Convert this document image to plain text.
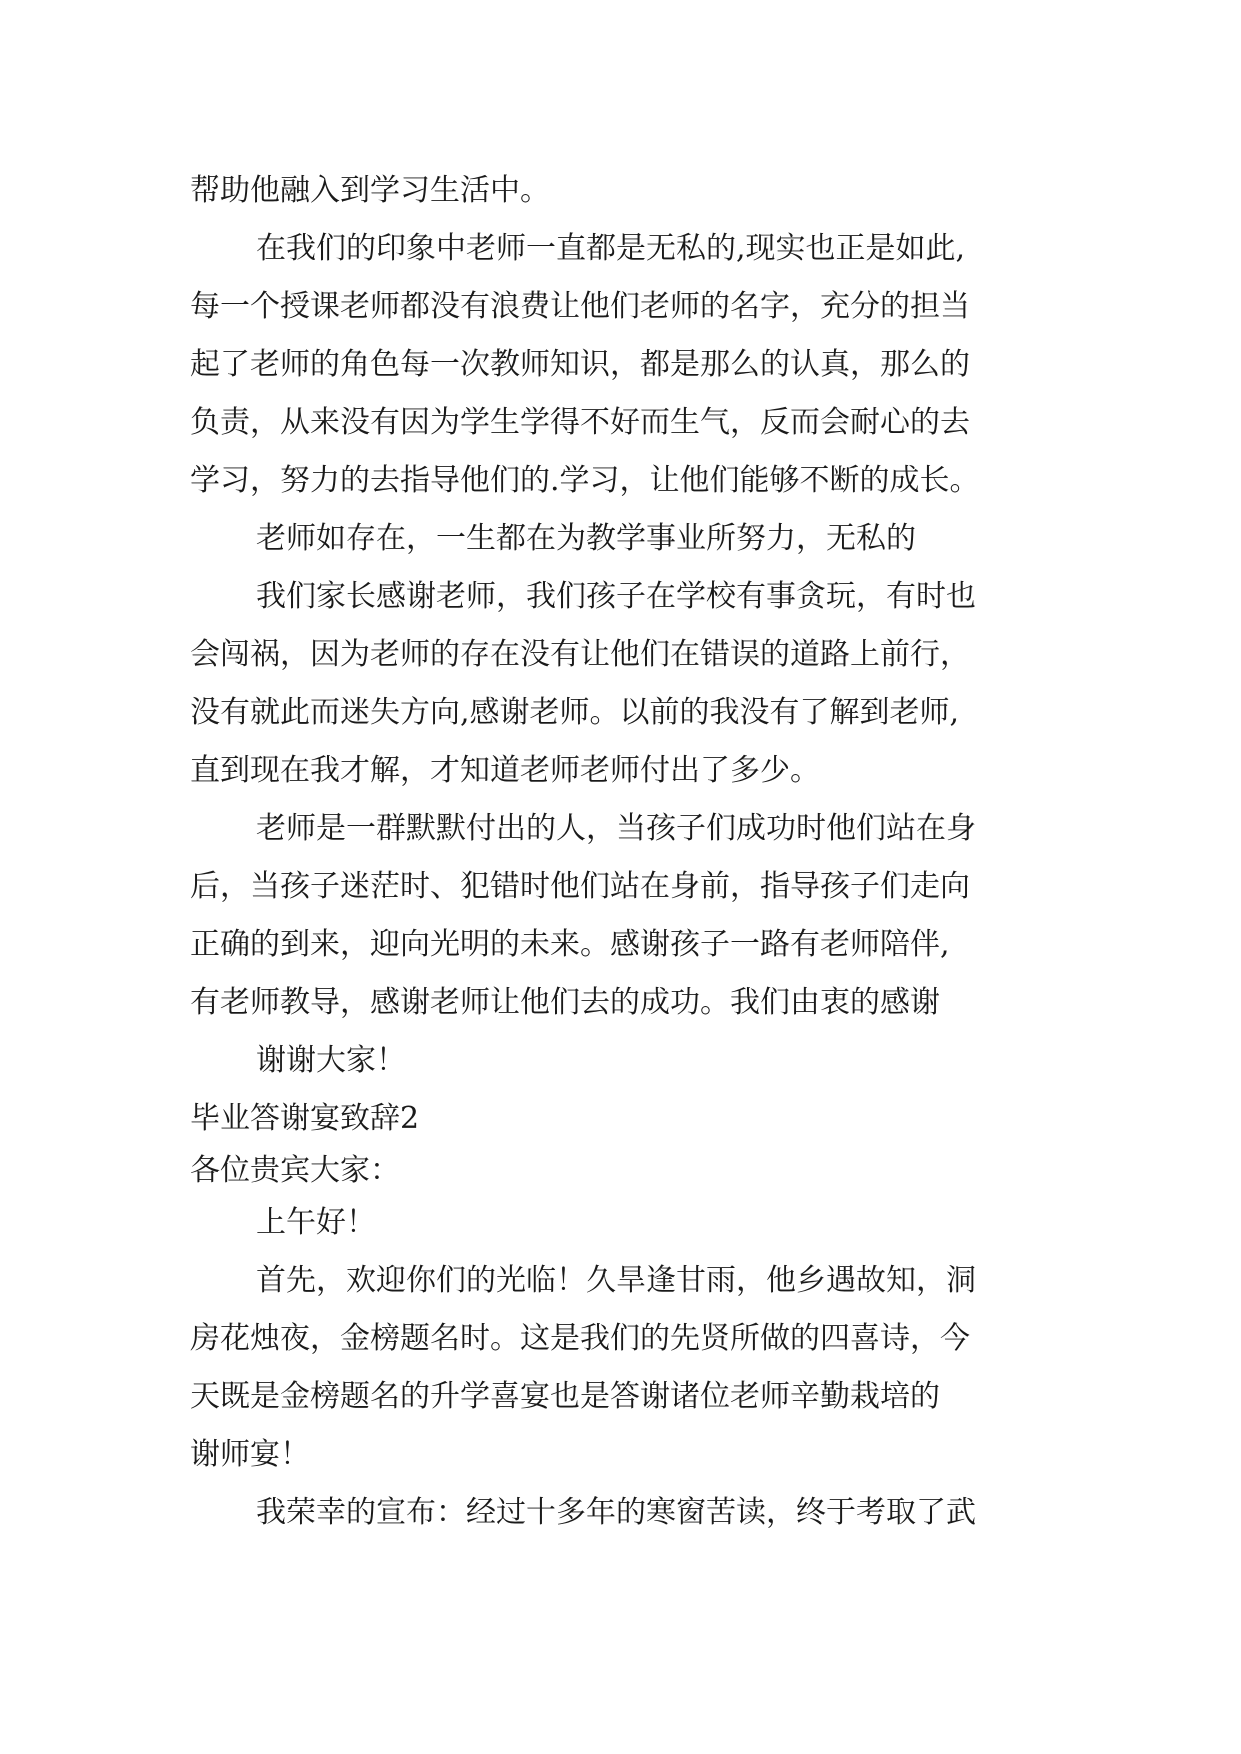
帮助他融入到学习生活中。
在我们的印象中老师一直都是无私的,现实也正是如此,
每一个授课老师都没有浪费让他们老师的名字，充分的担当
起了老师的角色每一次教师知识，都是那么的认真，那么的
负责，从来没有因为学生学得不好而生气，反而会耐心的去
学习，努力的去指导他们的.学习，让他们能够不断的成长。
老师如存在，一生都在为教学事业所努力，无私的
我们家长感谢老师，我们孩子在学校有事贪玩，有时也
会闯祸，因为老师的存在没有让他们在错误的道路上前行，
没有就此而迷失方向,感谢老师。以前的我没有了解到老师,
直到现在我才解，才知道老师老师付出了多少。
老师是一群默默付出的人，当孩子们成功时他们站在身
后，当孩子迷茫时、犯错时他们站在身前，指导孩子们走向
正确的到来，迎向光明的未来。感谢孩子一路有老师陪伴,
有老师教导，感谢老师让他们去的成功。我们由衷的感谢
谢谢大家！
毕业答谢宴致辞2
各位贵宾大家：
上午好！
首先，欢迎你们的光临！久旱逢甘雨，他乡遇故知，洞
房花烛夜，金榜题名时。这是我们的先贤所做的四喜诗，今
天既是金榜题名的升学喜宴也是答谢诸位老师辛勤栽培的
谢师宴！
我荣幸的宣布：经过十多年的寒窗苦读，终于考取了武
